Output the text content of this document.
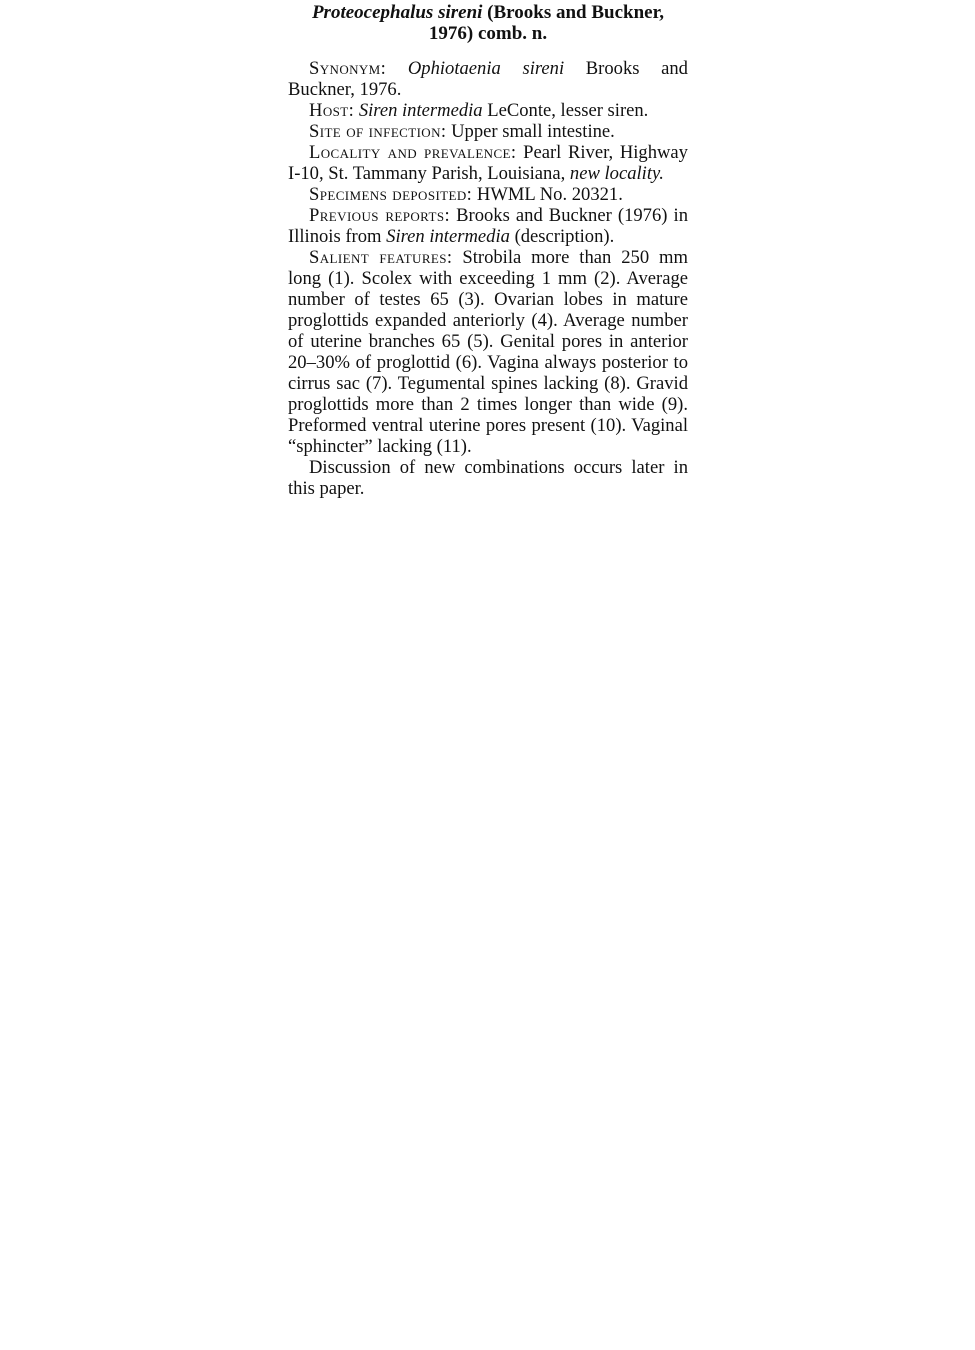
Proteocephalus sireni (Brooks and Buckner, 1976) comb. n.

Synonym: Ophiotaenia sireni Brooks and Buckner, 1976.

Host: Siren intermedia LeConte, lesser siren.

Site of infection: Upper small intestine.

Locality and prevalence: Pearl River, Highway I-10, St. Tammany Parish, Louisiana, new locality.

Specimens deposited: HWML No. 20321.

Previous reports: Brooks and Buckner (1976) in Illinois from Siren intermedia (description).

Salient features: Strobila more than 250 mm long (1). Scolex with exceeding 1 mm (2). Average number of testes 65 (3). Ovarian lobes in mature proglottids expanded anteriorly (4). Average number of uterine branches 65 (5). Genital pores in anterior 20–30% of proglottid (6). Vagina always posterior to cirrus sac (7). Tegumental spines lacking (8). Gravid proglottids more than 2 times longer than wide (9). Preformed ventral uterine pores present (10). Vaginal “sphincter” lacking (11).

Discussion of new combinations occurs later in this paper.
